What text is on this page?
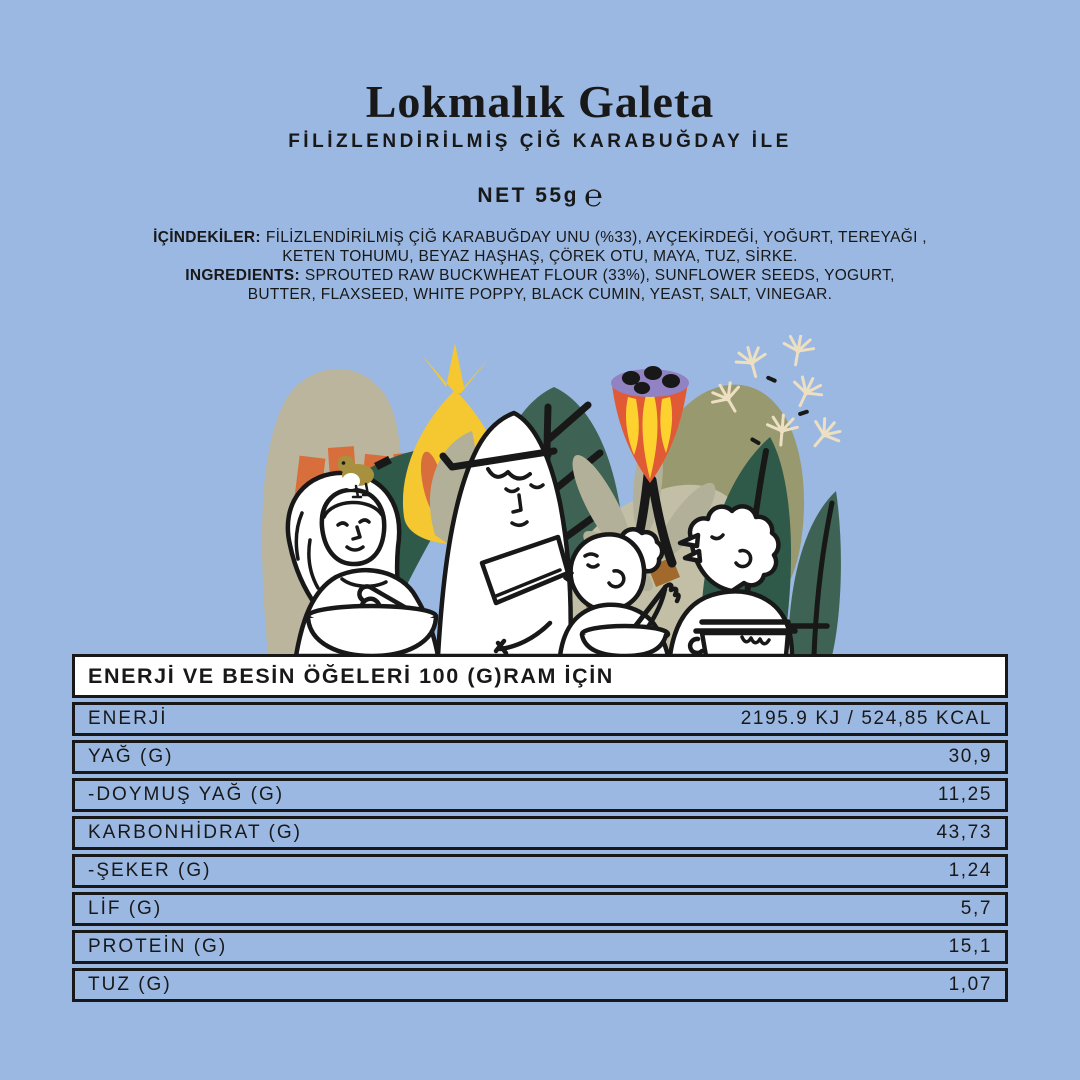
Lokmalık Galeta
FİLİZLENDİRİLMİŞ ÇİĞ KARABUĞDAY İLE
NET 55g ℮

İÇİNDEKİLER: FİLİZLENDİRİLMİŞ ÇİĞ KARABUĞDAY UNU (%33), AYÇEKİRDEĞİ, YOĞURT, TEREYAĞI , KETEN TOHUMU, BEYAZ HAŞHAŞ, ÇÖREK OTU, MAYA, TUZ, SİRKE.

INGREDIENTS: SPROUTED RAW BUCKWHEAT FLOUR (33%), SUNFLOWER SEEDS, YOGURT, BUTTER, FLAXSEED, WHITE POPPY, BLACK CUMIN, YEAST, SALT, VINEGAR.

ENERJİ VE BESİN ÖĞELERİ 100 (G)RAM İÇİN
ENERJİ	2195.9 KJ / 524,85 KCAL
YAĞ (G)	30,9
-DOYMUŞ YAĞ (G)	11,25
KARBONHİDRAT (G)	43,73
-ŞEKER (G)	1,24
LİF (G)	5,7
PROTEİN (G)	15,1
TUZ (G)	1,07
